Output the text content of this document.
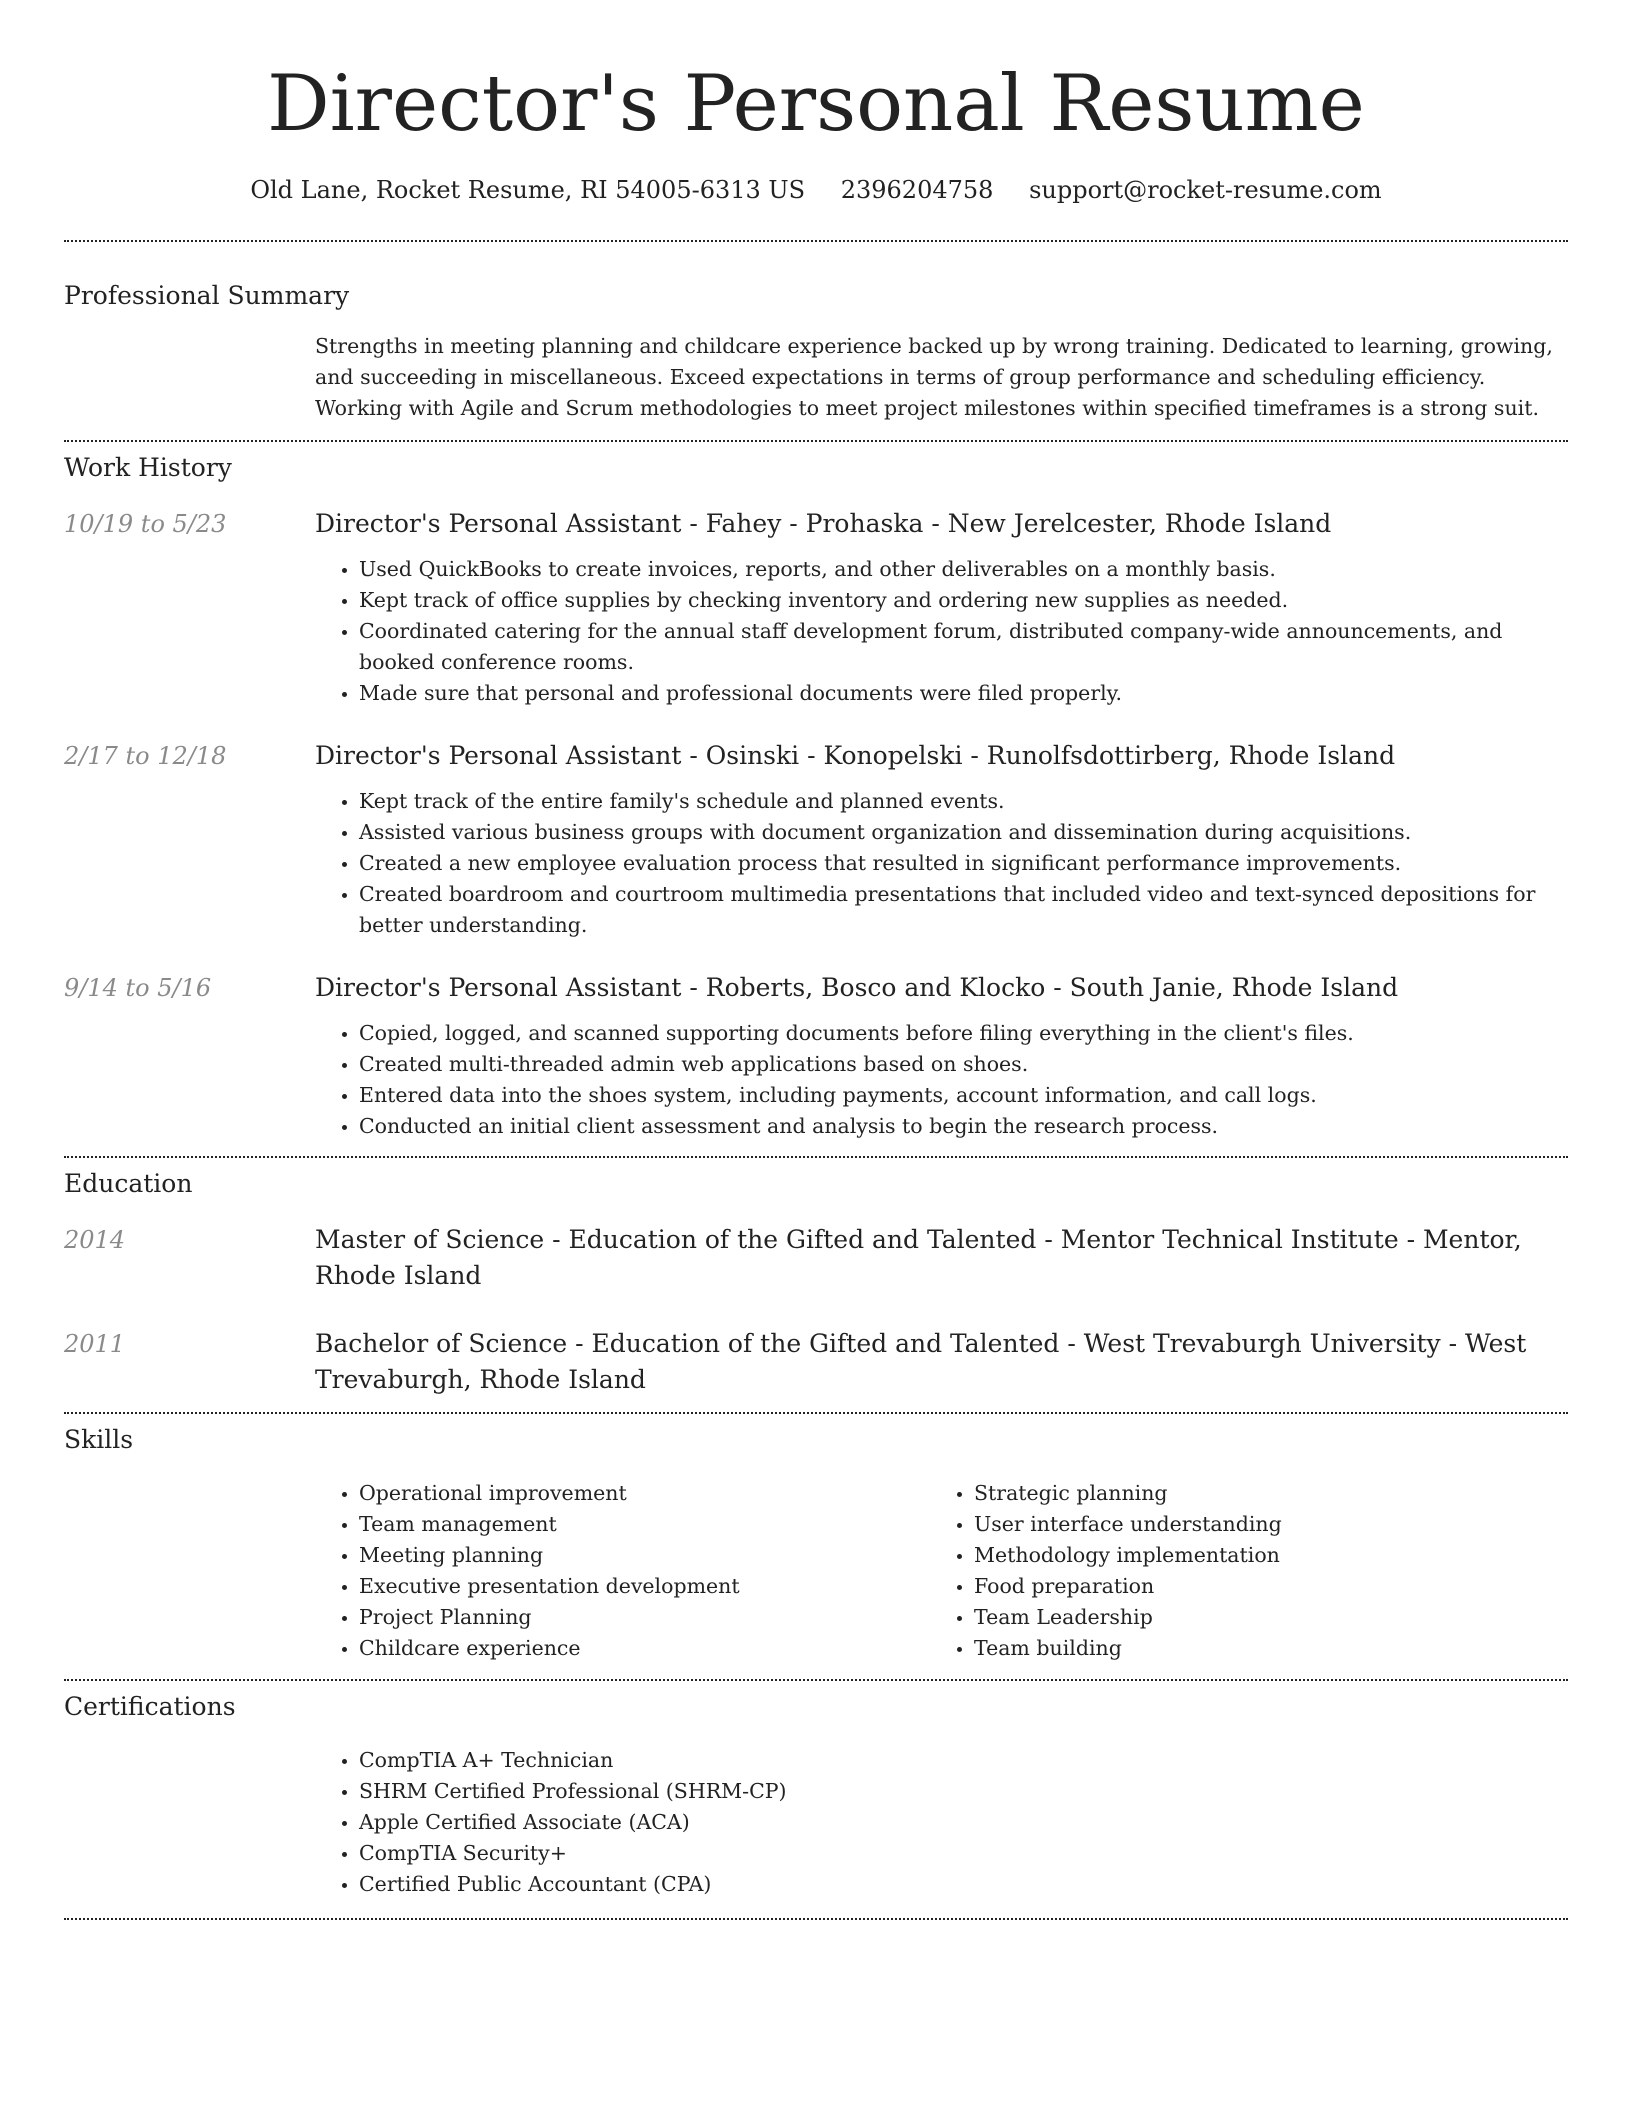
Director's Personal Resume
Old Lane, Rocket Resume, RI 54005-6313 US 2396204758 support@rocket-resume.com
Professional Summary
Strengths in meeting planning and childcare experience backed up by wrong training. Dedicated to learning, growing, and succeeding in miscellaneous. Exceed expectations in terms of group performance and scheduling efficiency. Working with Agile and Scrum methodologies to meet project milestones within specified timeframes is a strong suit.
Work History
10/19 to 5/23	Director's Personal Assistant - Fahey - Prohaska - New Jerelcester, Rhode Island
• Used QuickBooks to create invoices, reports, and other deliverables on a monthly basis.
• Kept track of office supplies by checking inventory and ordering new supplies as needed.
• Coordinated catering for the annual staff development forum, distributed company-wide announcements, and booked conference rooms.
• Made sure that personal and professional documents were filed properly.
2/17 to 12/18	Director's Personal Assistant - Osinski - Konopelski - Runolfsdottirberg, Rhode Island
• Kept track of the entire family's schedule and planned events.
• Assisted various business groups with document organization and dissemination during acquisitions.
• Created a new employee evaluation process that resulted in significant performance improvements.
• Created boardroom and courtroom multimedia presentations that included video and text-synced depositions for better understanding.
9/14 to 5/16	Director's Personal Assistant - Roberts, Bosco and Klocko - South Janie, Rhode Island
• Copied, logged, and scanned supporting documents before filing everything in the client's files.
• Created multi-threaded admin web applications based on shoes.
• Entered data into the shoes system, including payments, account information, and call logs.
• Conducted an initial client assessment and analysis to begin the research process.
Education
2014	Master of Science - Education of the Gifted and Talented - Mentor Technical Institute - Mentor, Rhode Island
2011	Bachelor of Science - Education of the Gifted and Talented - West Trevaburgh University - West Trevaburgh, Rhode Island
Skills
• Operational improvement
• Team management
• Meeting planning
• Executive presentation development
• Project Planning
• Childcare experience
• Strategic planning
• User interface understanding
• Methodology implementation
• Food preparation
• Team Leadership
• Team building
Certifications
• CompTIA A+ Technician
• SHRM Certified Professional (SHRM-CP)
• Apple Certified Associate (ACA)
• CompTIA Security+
• Certified Public Accountant (CPA)
